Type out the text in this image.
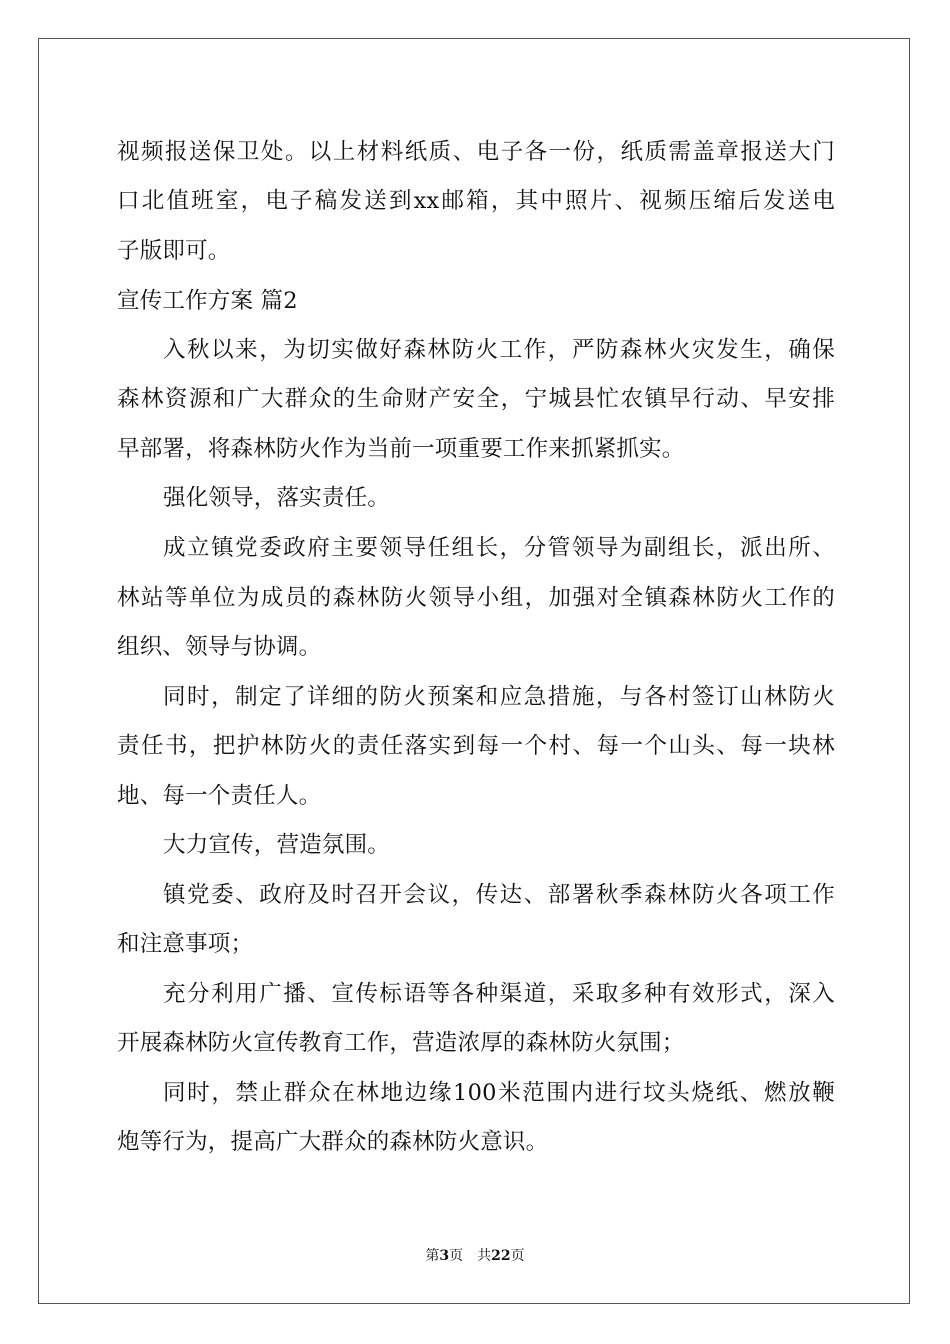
视频报送保卫处。以上材料纸质、电子各一份，纸质需盖章报送大门
口北值班室，电子稿发送到xx邮箱，其中照片、视频压缩后发送电
子版即可。
宣传工作方案 篇2
入秋以来，为切实做好森林防火工作，严防森林火灾发生，确保
森林资源和广大群众的生命财产安全，宁城县忙农镇早行动、早安排
早部署，将森林防火作为当前一项重要工作来抓紧抓实。
强化领导，落实责任。
成立镇党委政府主要领导任组长，分管领导为副组长，派出所、
林站等单位为成员的森林防火领导小组，加强对全镇森林防火工作的
组织、领导与协调。
同时，制定了详细的防火预案和应急措施，与各村签订山林防火
责任书，把护林防火的责任落实到每一个村、每一个山头、每一块林
地、每一个责任人。
大力宣传，营造氛围。
镇党委、政府及时召开会议，传达、部署秋季森林防火各项工作
和注意事项；
充分利用广播、宣传标语等各种渠道，采取多种有效形式，深入
开展森林防火宣传教育工作，营造浓厚的森林防火氛围；
同时，禁止群众在林地边缘100米范围内进行坟头烧纸、燃放鞭
炮等行为，提高广大群众的森林防火意识。
第3页 共22页
